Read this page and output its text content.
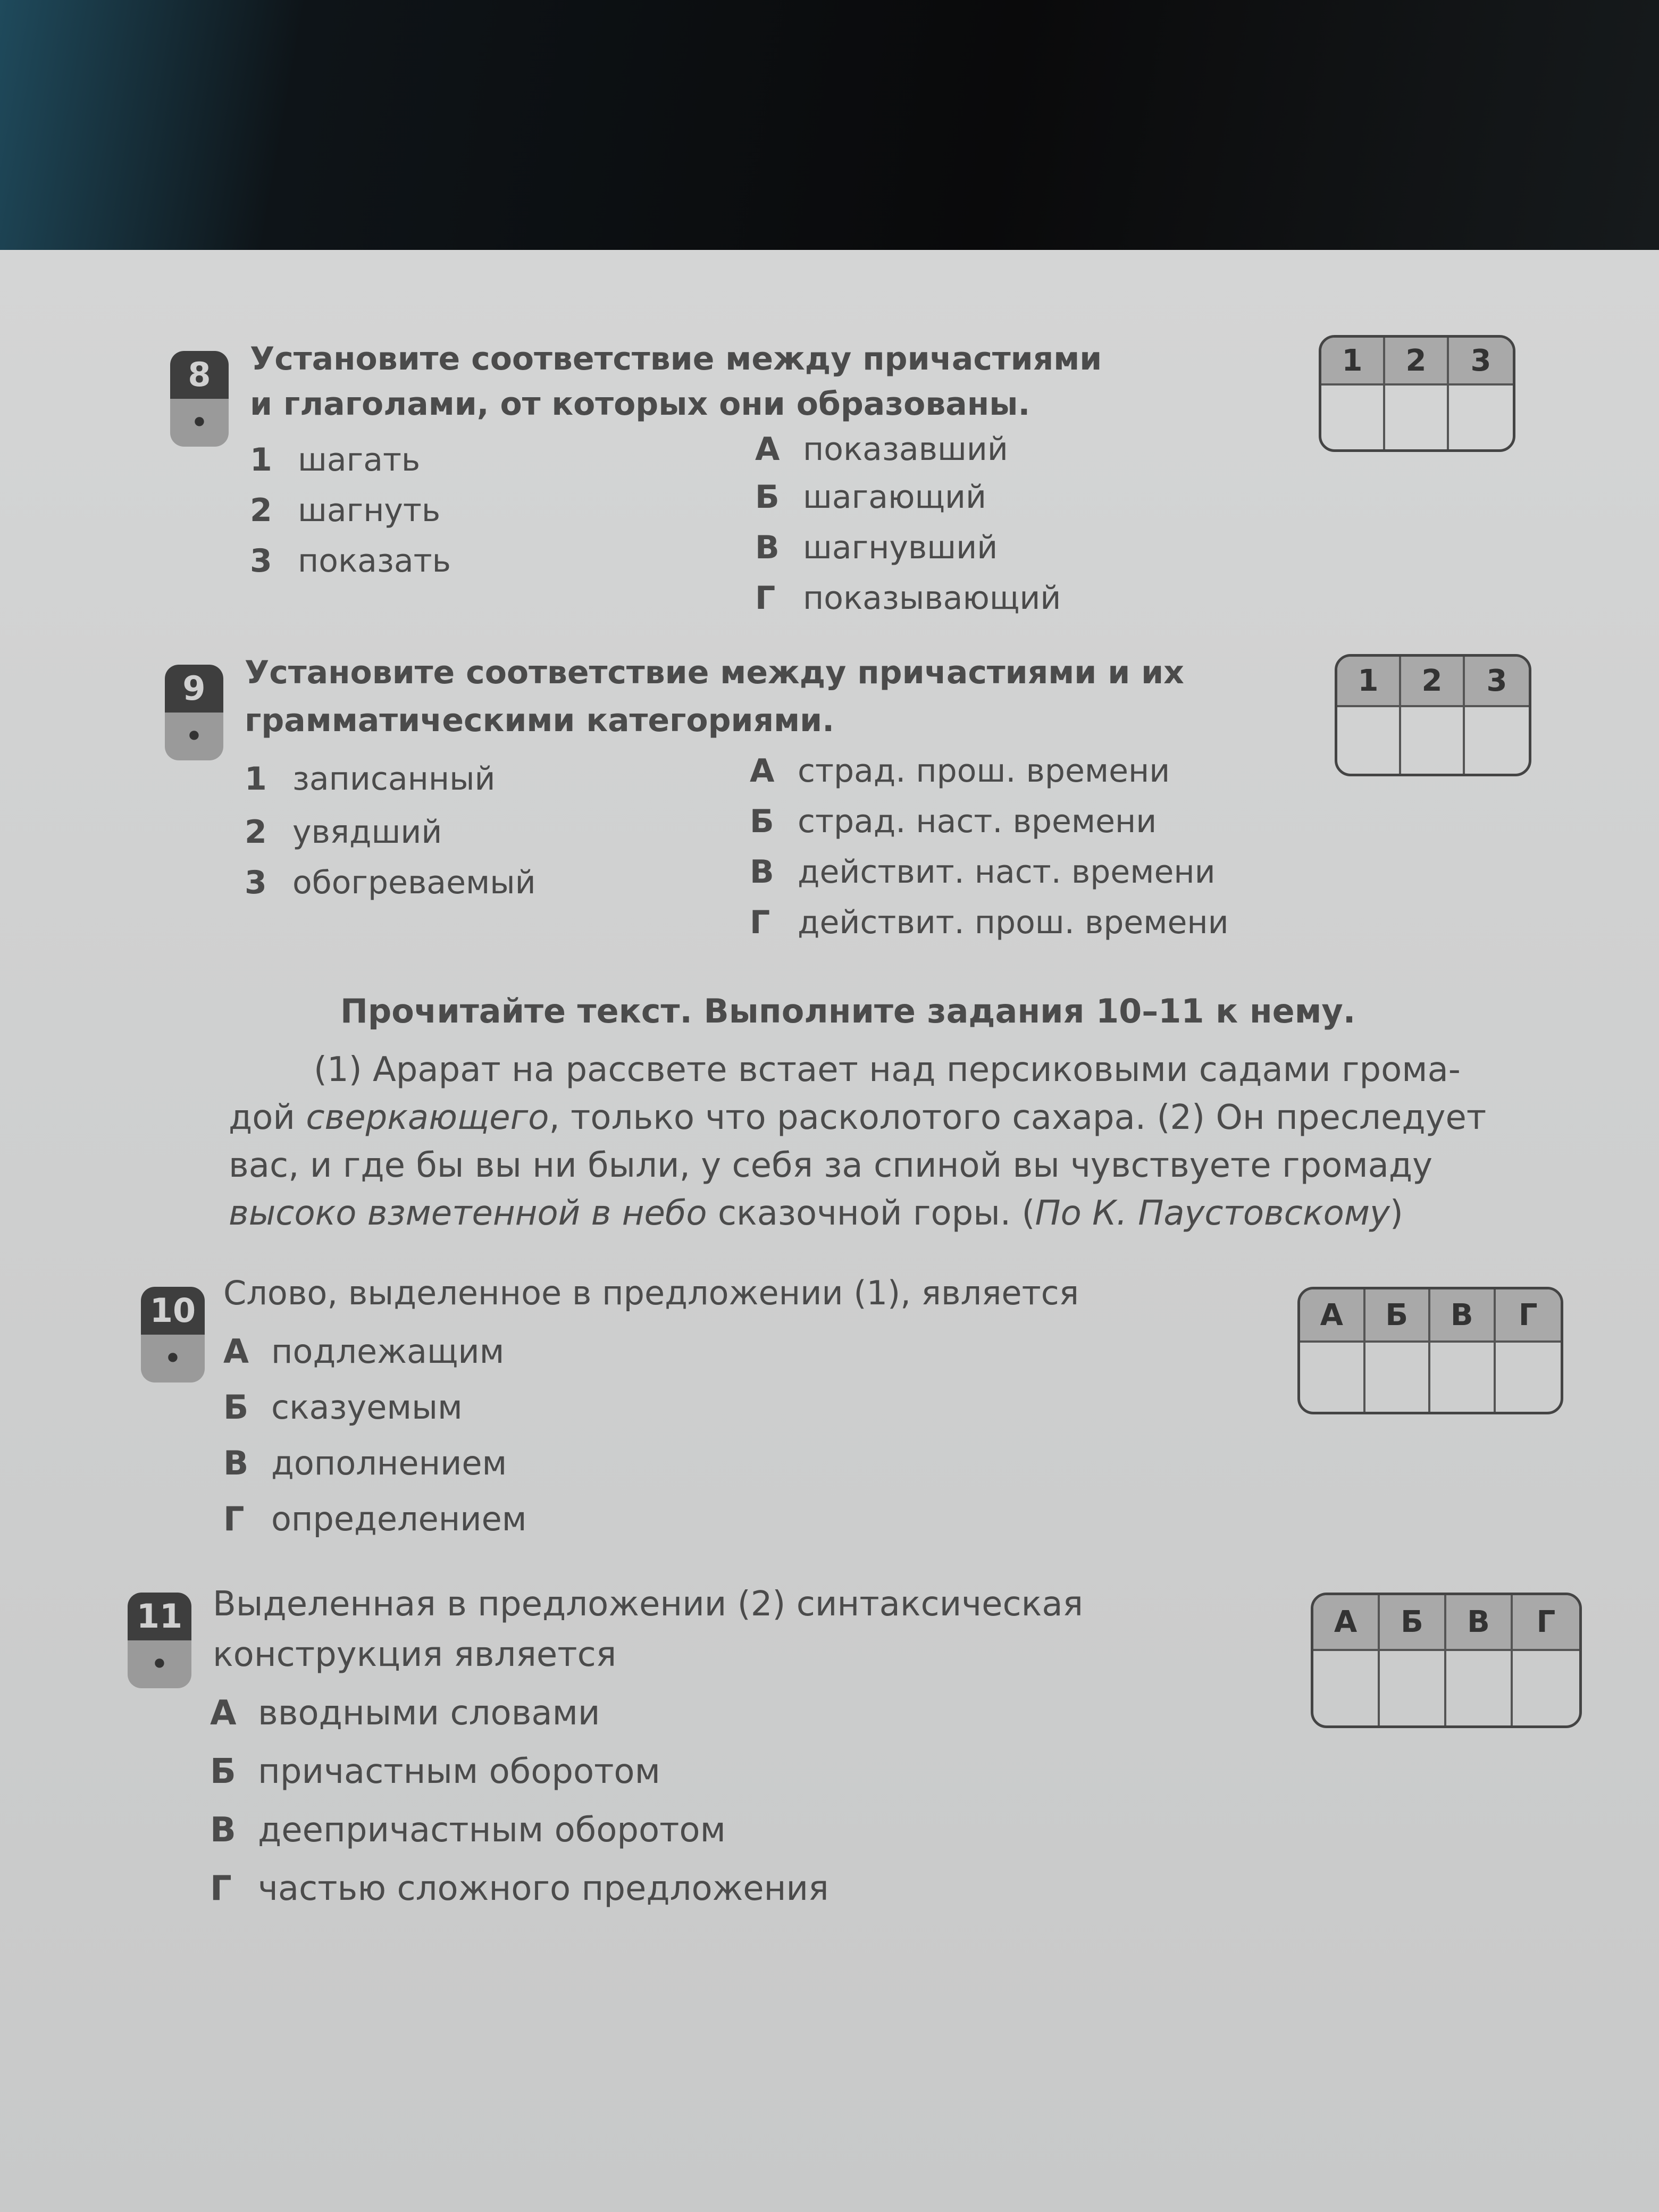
8
•
Установите соответствие между причастиями
и глаголами, от которых они образованы.
1 шагать
2 шагнуть
3 показать
А показавший
Б шагающий
В шагнувший
Г показывающий
1	2	3
9
•
Установите соответствие между причастиями и их
грамматическими категориями.
1 записанный
2 увядший
3 обогреваемый
А страд. прош. времени
Б страд. наст. времени
В действит. наст. времени
Г действит. прош. времени
1	2	3
Прочитайте текст. Выполните задания 10–11 к нему.
(1) Арарат на рассвете встает над персиковыми садами грома-
дой сверкающего, только что расколотого сахара. (2) Он преследует
вас, и где бы вы ни были, у себя за спиной вы чувствуете громаду
высоко взметенной в небо сказочной горы. (По К. Паустовскому)
10
•
Слово, выделенное в предложении (1), является
А подлежащим
Б сказуемым
В дополнением
Г определением
А	Б	В	Г
11
•
Выделенная в предложении (2) синтаксическая
конструкция является
А вводными словами
Б причастным оборотом
В деепричастным оборотом
Г частью сложного предложения
А	Б	В	Г
